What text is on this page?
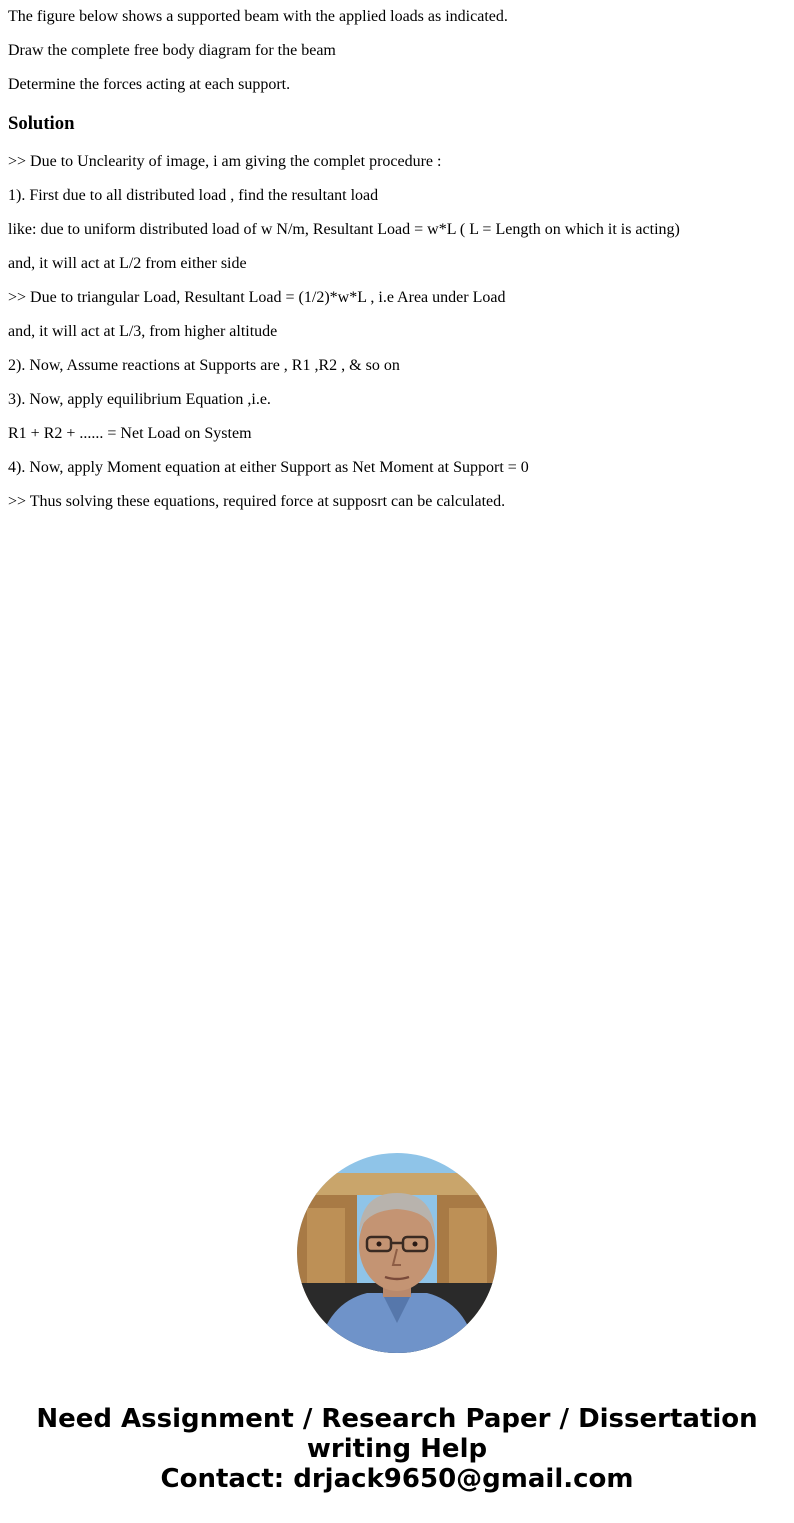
The figure below shows a supported beam with the applied loads as indicated.

Draw the complete free body diagram for the beam

Determine the forces acting at each support.

Solution

>> Due to Unclearity of image, i am giving the complet procedure :

1). First due to all distributed load , find the resultant load

like: due to uniform distributed load of w N/m, Resultant Load = w*L ( L = Length on which it is acting)

and, it will act at L/2 from either side

>> Due to triangular Load, Resultant Load = (1/2)*w*L , i.e Area under Load

and, it will act at L/3, from higher altitude

2). Now, Assume reactions at Supports are , R1 ,R2 , & so on

3). Now, apply equilibrium Equation ,i.e.

R1 + R2 + ...... = Net Load on System

4). Now, apply Moment equation at either Support as Net Moment at Support = 0

>> Thus solving these equations, required force at supposrt can be calculated.

Need Assignment / Research Paper / Dissertation
writing Help
Contact: drjack9650@gmail.com
